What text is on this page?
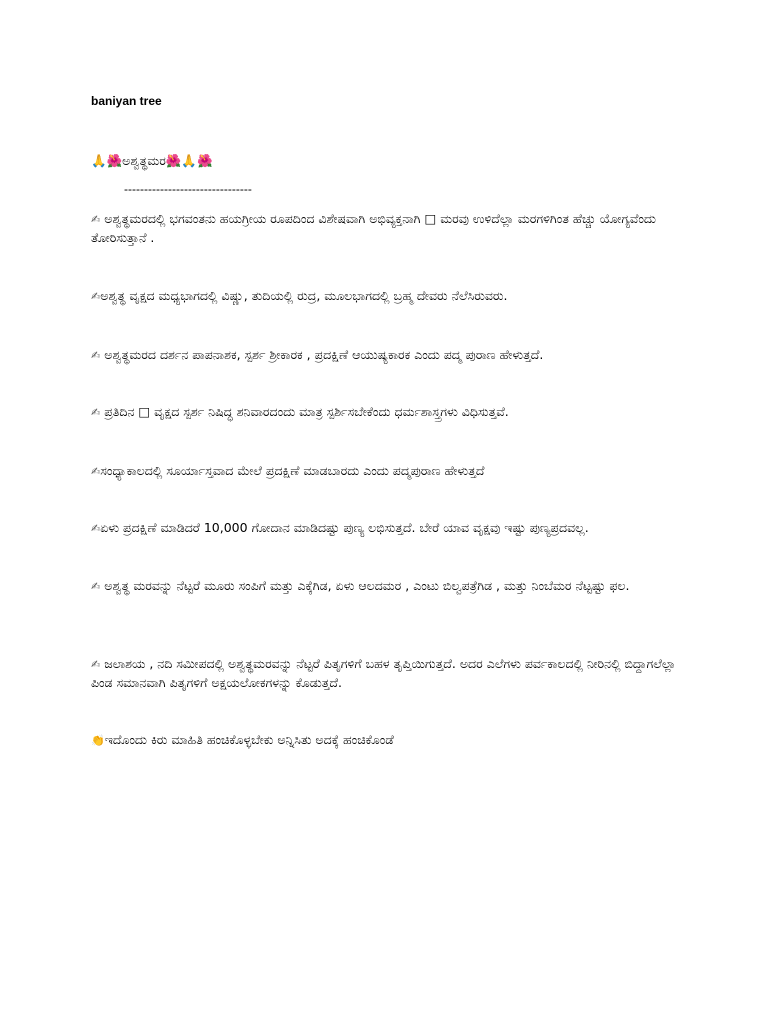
baniyan tree
🙏🌺ಅಶ್ವತ್ಥಮರ🌺🙏🌺
--------------------------------
✍ ಅಶ್ವತ್ಥಮರದಲ್ಲಿ ಭಗವಂತನು ಹಯಗ್ರೀಯ ರೂಪದಿಂದ ವಿಶೇಷವಾಗಿ ಅಭಿವ್ಯಕ್ತನಾಗಿ □ ಮರವು ಉಳಿದೆಲ್ಲಾ ಮರಗಳಿಗಿಂತ ಹೆಚ್ಚು ಯೋಗ್ಯವೆಂದು ತೋರಿಸುತ್ತಾನೆ .
✍ಅಶ್ವತ್ಥ ವೃಕ್ಷದ ಮಧ್ಯಭಾಗದಲ್ಲಿ ವಿಷ್ಣು, ತುದಿಯಲ್ಲಿ ರುದ್ರ, ಮೂಲಭಾಗದಲ್ಲಿ ಬ್ರಹ್ಮ ದೇವರು ನೆಲೆಸಿರುವರು.
✍ ಅಶ್ವತ್ಥಮರದ ದರ್ಶನ ಪಾಪನಾಶಕ, ಸ್ಪರ್ಶ ಶ್ರೀಕಾರಕ , ಪ್ರದಕ್ಷಿಣೆ ಆಯುಷ್ಯಕಾರಕ ಎಂದು ಪದ್ಮ ಪುರಾಣ ಹೇಳುತ್ತದೆ.
✍ ಪ್ರತಿದಿನ □ ವೃಕ್ಷದ ಸ್ಪರ್ಶ ನಿಷಿದ್ಧ ಶನಿವಾರದಂದು ಮಾತ್ರ ಸ್ಪರ್ಶಿಸಬೇಕೆಂದು ಧರ್ಮಶಾಸ್ತ್ರಗಳು ವಿಧಿಸುತ್ತವೆ.
✍ಸಂಧ್ಯಾಕಾಲದಲ್ಲಿ ಸೂರ್ಯಾಸ್ತವಾದ ಮೇಲೆ ಪ್ರದಕ್ಷಿಣೆ ಮಾಡಬಾರದು ಎಂದು ಪದ್ಮಪುರಾಣ ಹೇಳುತ್ತದೆ
✍ಏಳು ಪ್ರದಕ್ಷಿಣೆ ಮಾಡಿದರೆ 10,000 ಗೋದಾನ ಮಾಡಿದಷ್ಟು ಪುಣ್ಯ ಲಭಿಸುತ್ತದೆ. ಬೇರೆ ಯಾವ ವೃಕ್ಷವು ಇಷ್ಟು ಪುಣ್ಯಪ್ರದವಲ್ಲ.
✍ ಅಶ್ವತ್ಥ ಮರವನ್ನು ನೆಟ್ಟರೆ ಮೂರು ಸಂಪಿಗೆ ಮತ್ತು ಎಕ್ಕೆಗಿಡ, ಏಳು ಆಲದಮರ , ಎಂಟು ಬಿಲ್ವಪತ್ರೆಗಿಡ , ಮತ್ತು ನಿಂಬೆಮರ ನೆಟ್ಟಷ್ಟು ಫಲ.
✍ ಜಲಾಶಯ , ನದಿ ಸಮೀಪದಲ್ಲಿ ಅಶ್ವತ್ಥಮರವನ್ನು ನೆಟ್ಟರೆ ಪಿತೃಗಳಿಗೆ ಬಹಳ ತೃಪ್ತಿಯಿಗುತ್ತದೆ. ಅದರ ಎಲೆಗಳು ಪರ್ವಕಾಲದಲ್ಲಿ ನೀರಿನಲ್ಲಿ ಬಿದ್ದಾಗಲೆಲ್ಲಾ ಪಿಂಡ ಸಮಾನವಾಗಿ ಪಿತೃಗಳಿಗೆ ಅಕ್ಷಯಲೋಕಗಳನ್ನು ಕೊಡುತ್ತದೆ.
👏ಇದೊಂದು ಕಿರು ಮಾಹಿತಿ ಹಂಚಿಕೊಳ್ಳಬೇಕು ಅನ್ನಿಸಿತು ಅದಕ್ಕೆ ಹಂಚಿಕೊಂಡೆ
